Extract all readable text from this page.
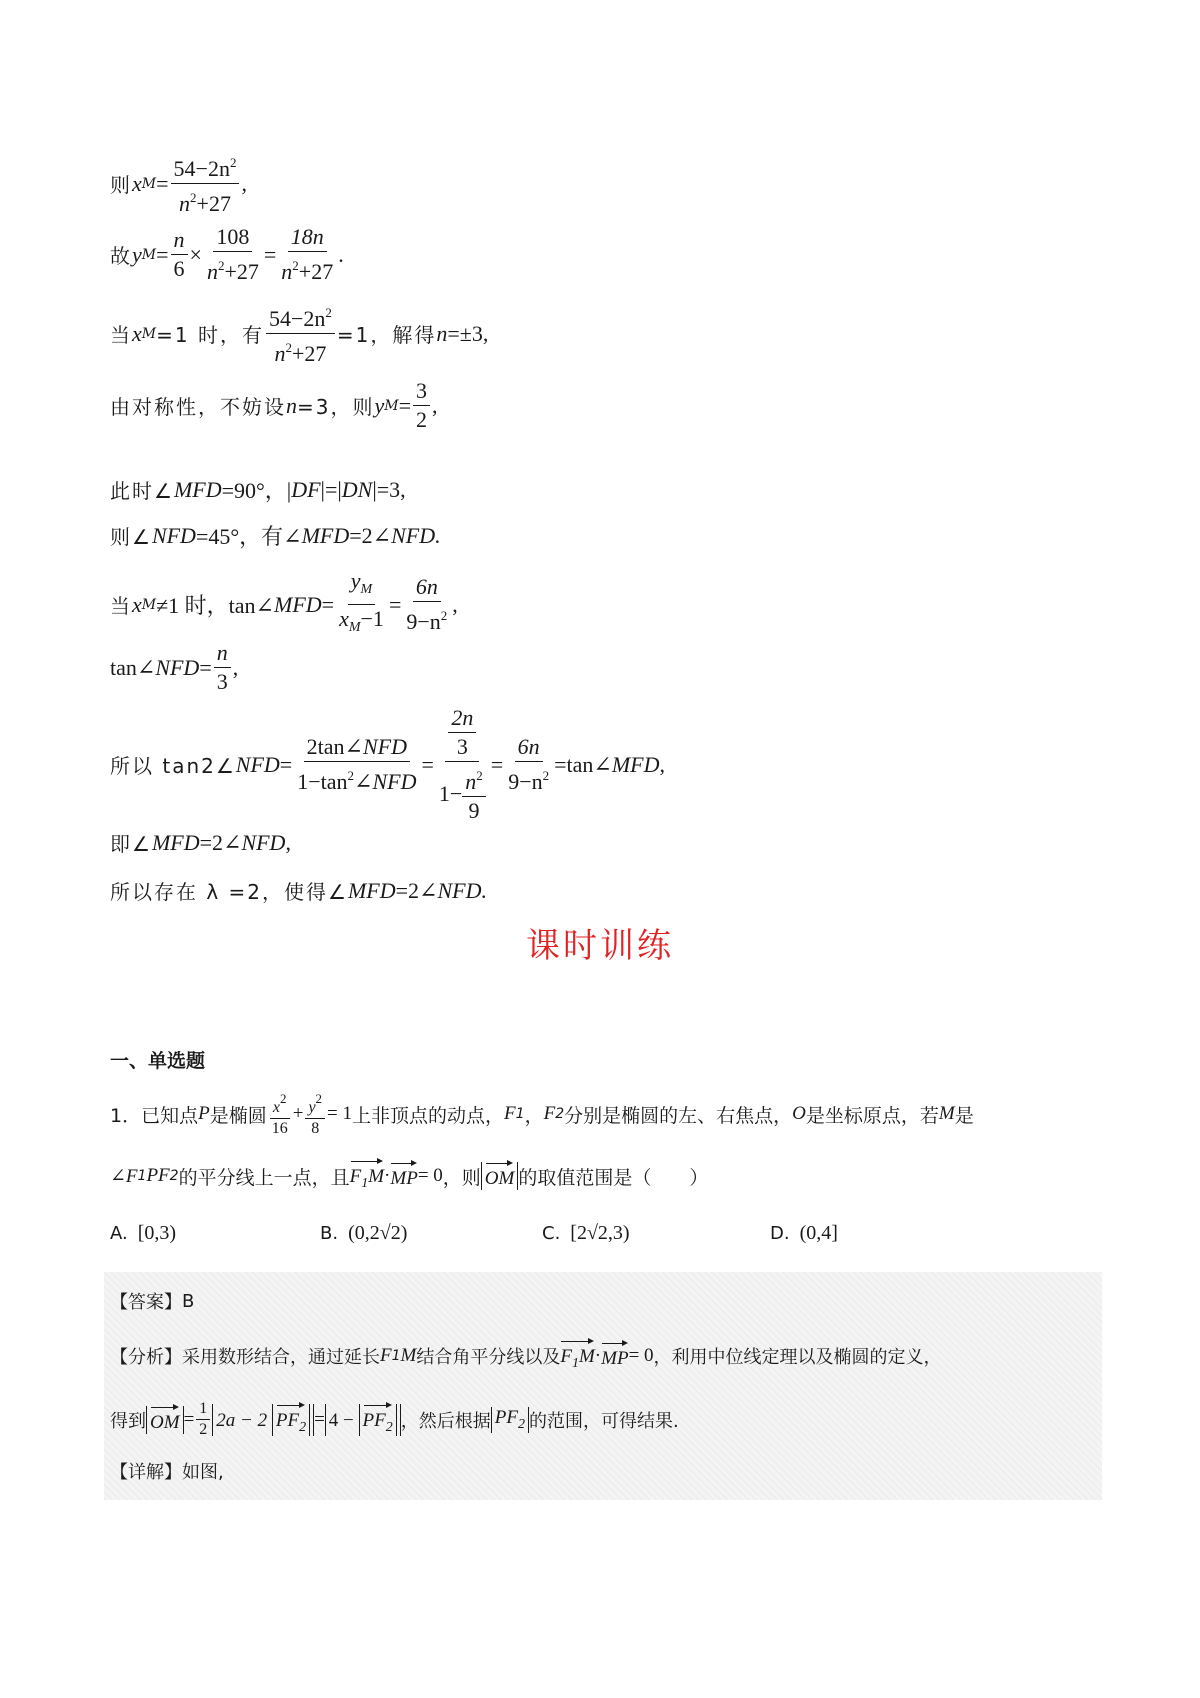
则 x $M = \frac{54-2n^2}{n^2+27}$ ,
故 y $M = \frac{n}{6} \times \frac{108}{n^2+27} = \frac{18n}{n^2+27}$ .
当 x M =1 时，有 $\frac{54-2n^2}{n^2+27} =1$，解得 n =±3,
由对称性，不妨设 n =3，则 y $M = \frac{3}{2}$ ,
此时∠ MFD =90°，| DF |=| DN |=3,
则∠ NFD =45°，有∠ MFD =2∠ NFD.
当 x M ≠1 时，tan∠ MFD = $\frac{y_M}{x_M-1} = \frac{6n}{9-n^2}$ ,
tan∠ NFD = $\frac{n}{3}$ ,
所以 tan2∠ NFD = $\frac{\text{2tan∠NFD}}{1-\tan^2\angle NFD} = \frac{\frac{2n}{3}}{1- \frac{n^2}{9}} = \frac{6n}{9-n^2}$ =tan∠ MFD ,
即∠ MFD =2∠ NFD ,
所以存在 λ =2，使得∠ MFD =2∠ NFD.
课时训练
一、单选题
1．已知点 P 是椭圆 $\frac{x^2}{16} + \frac{y^2}{8} = 1$ 上非顶点的动点， F 1 ， F 2 分别是椭圆的左、右焦点， O 是坐标原点，若 M 是
∠F 1 PF 2 的平分线上一点，且 $F_1M$ · MP = 0 ，则 OM 的取值范围是（　　）
A. [0,3)	B. (0,2√2)	C. [2√2,3)	D. (0,4]
【答案】 B
【分析】 采用数形结合，通过延长 F 1 M 结合角平分线以及 $F_1M$ · MP = 0 ，利用中位线定理以及椭圆的定义，
得到 OM = $\frac{1}{2} 2a - 2$ $PF_2 = 4 - PF_2$ ，然后根据 $PF_2$ 的范围，可得结果.
【详解】 如图,
